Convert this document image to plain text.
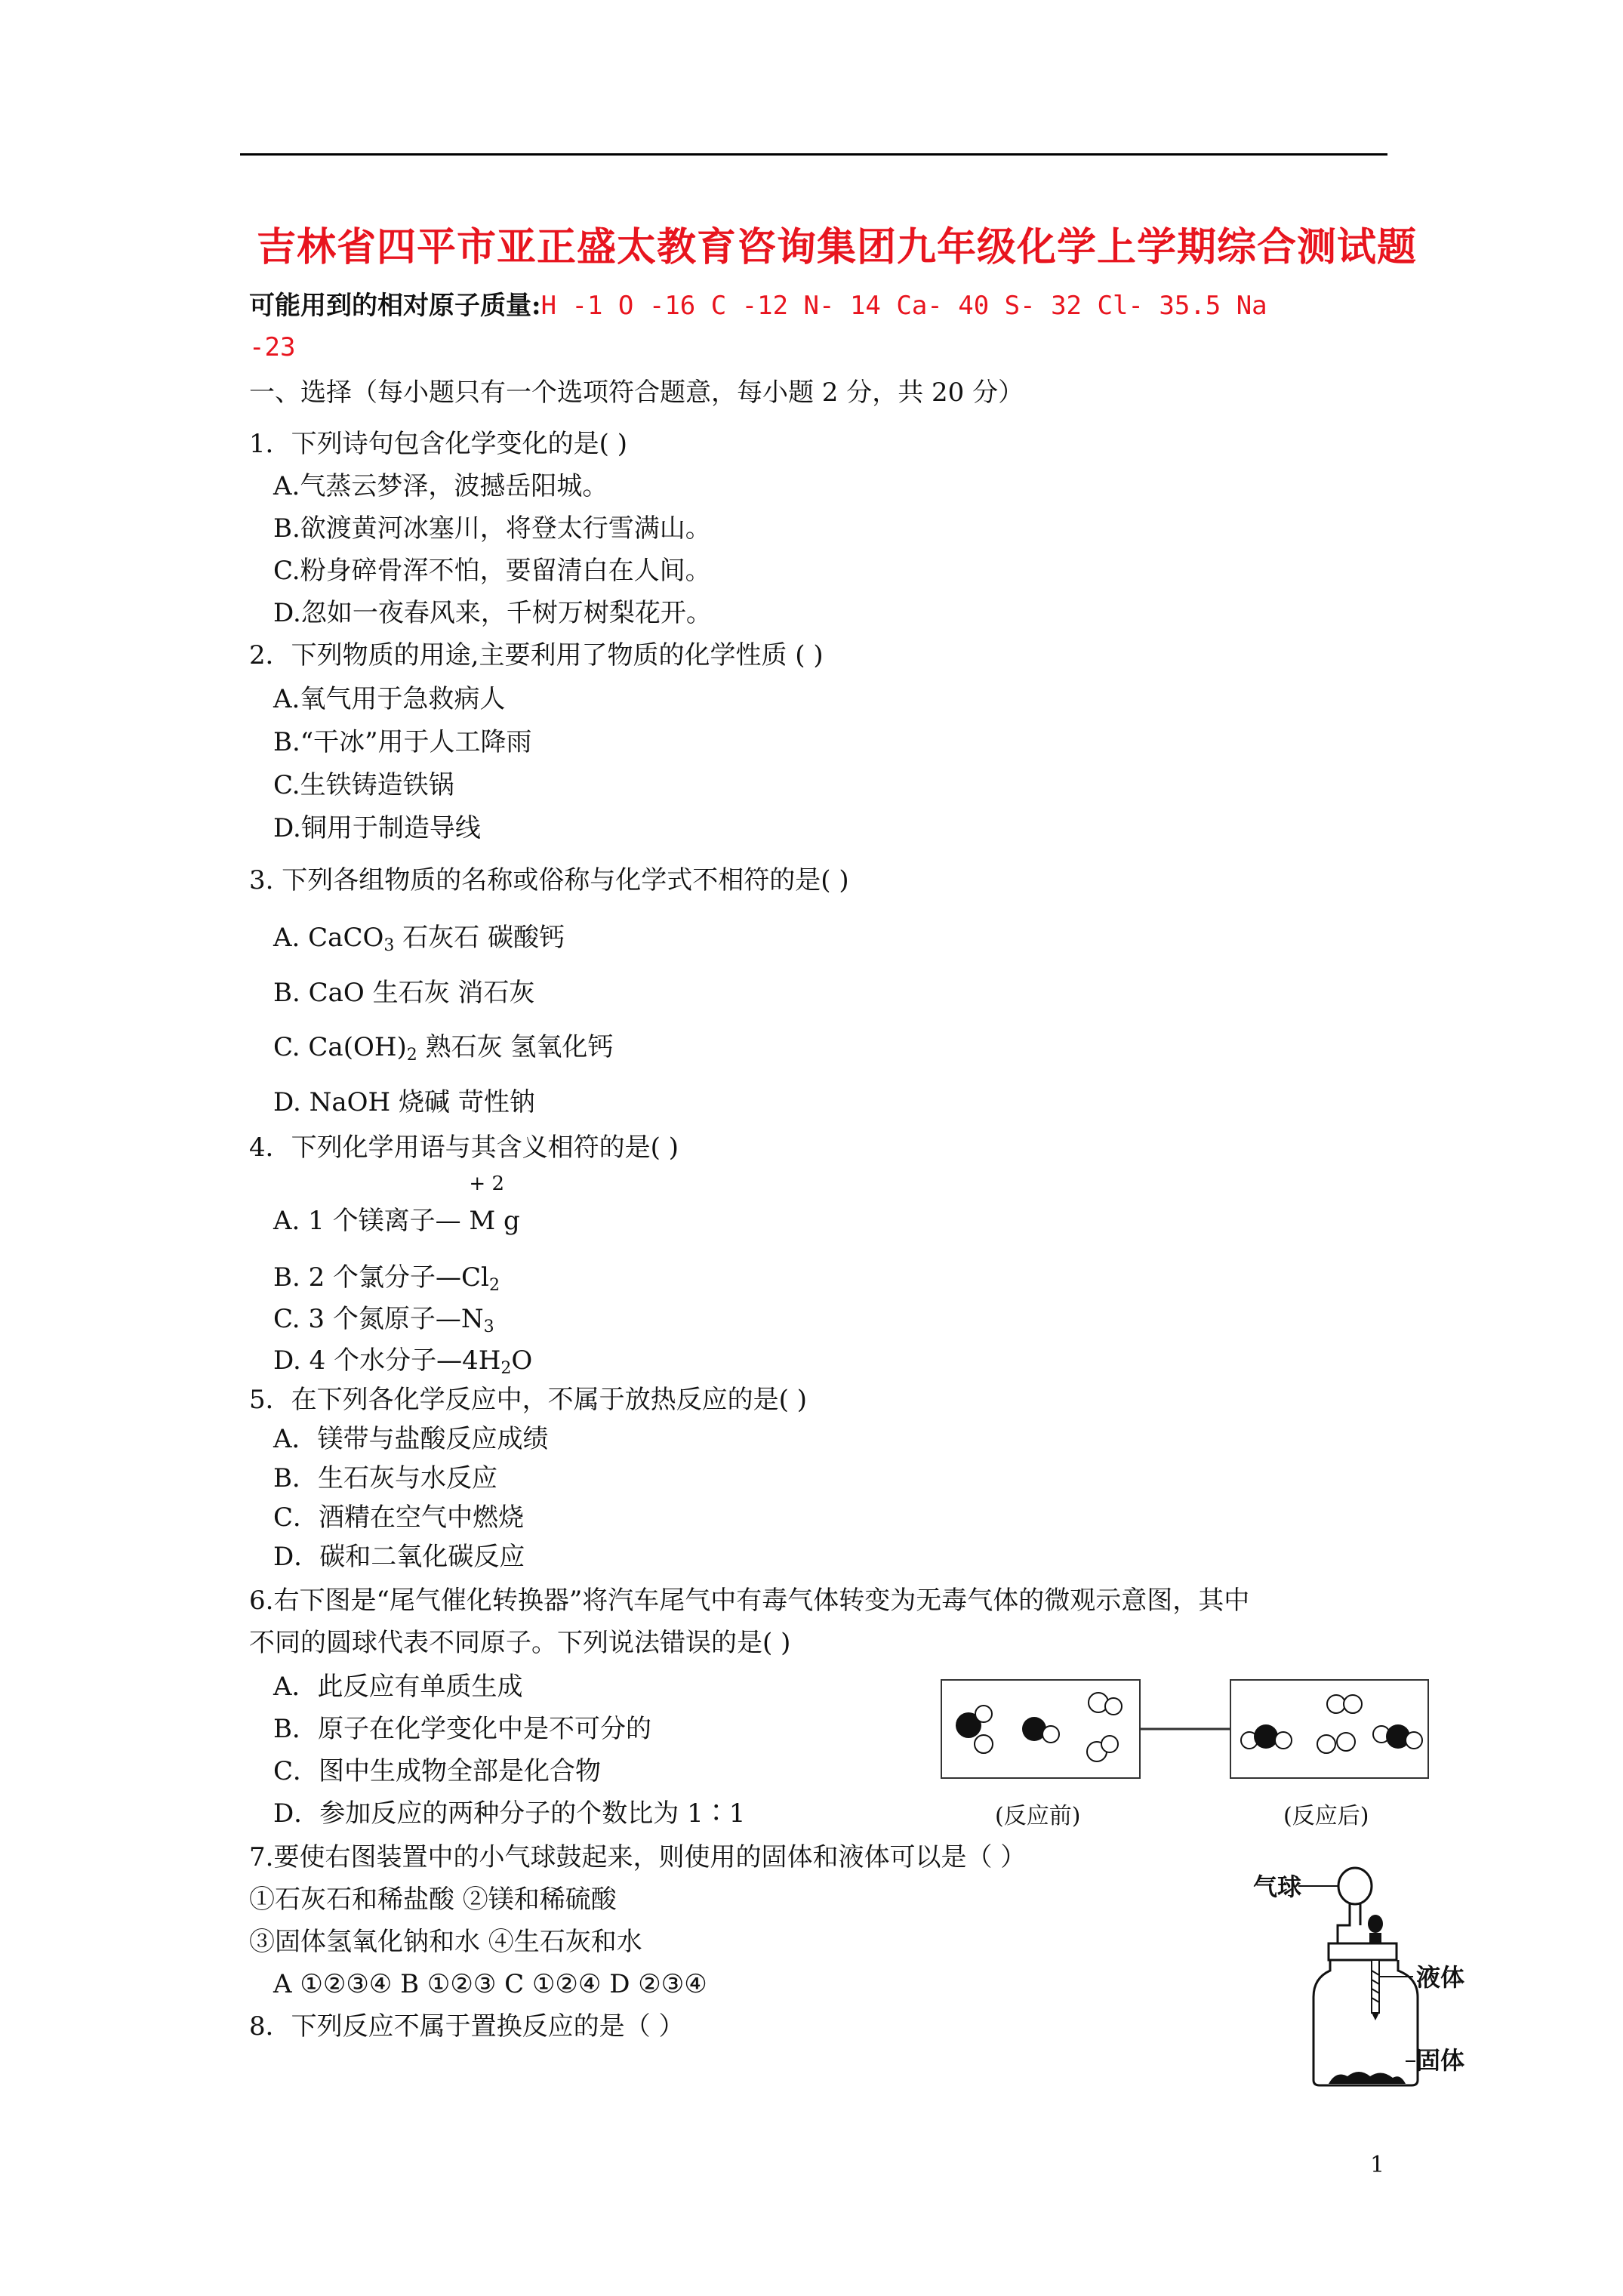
吉林省四平市亚正盛太教育咨询集团九年级化学上学期综合测试题
可能用到的相对原子质量:H -1 O -16 C -12 N- 14 Ca- 40 S- 32 Cl- 35.5 Na
-23
一、选择（每小题只有一个选项符合题意，每小题 2 分，共 20 分）
1．下列诗句包含化学变化的是( )
A.气蒸云梦泽，波撼岳阳城。
B.欲渡黄河冰塞川，将登太行雪满山。
C.粉身碎骨浑不怕，要留清白在人间。
D.忽如一夜春风来，千树万树梨花开。
2．下列物质的用途,主要利用了物质的化学性质 ( )
A.氧气用于急救病人
B.“干冰”用于人工降雨
C.生铁铸造铁锅
D.铜用于制造导线
3. 下列各组物质的名称或俗称与化学式不相符的是( )
A. CaCO$_3$ 石灰石 碳酸钙
B. CaO 生石灰 消石灰
C. $Ca(OH)_2$ 熟石灰 氢氧化钙
D. NaOH 烧碱 苛性钠
4．下列化学用语与其含义相符的是( )
A. 1 个镁离子—
+ 2
M g
B. 2 个氯分子$—Cl_2$
C. 3 个氮原子$—N_3$
D. 4 个水分子$—4H_2O$
5．在下列各化学反应中，不属于放热反应的是( )
A．镁带与盐酸反应成绩
B．生石灰与水反应
C．酒精在空气中燃烧
D．碳和二氧化碳反应
6.右下图是“尾气催化转换器”将汽车尾气中有毒气体转变为无毒气体的微观示意图，其中
不同的圆球代表不同原子。下列说法错误的是( )
A．此反应有单质生成
B．原子在化学变化中是不可分的
C．图中生成物全部是化合物
D．参加反应的两种分子的个数比为 1∶1	(反应前)	(反应后)
7.要使右图装置中的小气球鼓起来，则使用的固体和液体可以是（ ）
①石灰石和稀盐酸 ②镁和稀硫酸
③固体氢氧化钠和水 ④生石灰和水
A ①②③④ B ①②③ C ①②④ D ②③④
气球
液体
固体
8．下列反应不属于置换反应的是（ ）
1
